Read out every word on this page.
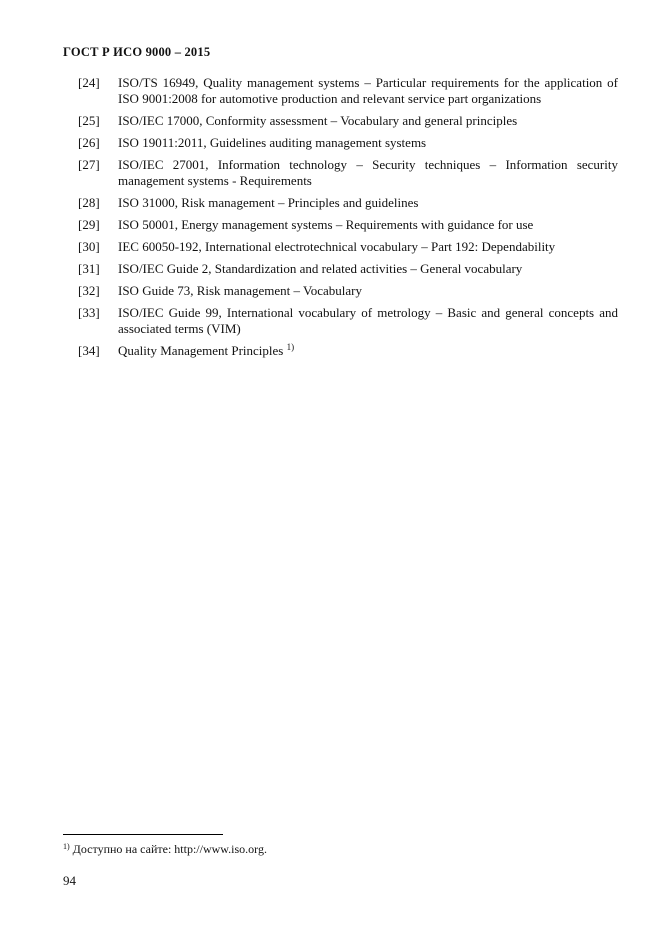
ГОСТ Р ИСО 9000 – 2015
[24]	ISO/TS 16949, Quality management systems – Particular requirements for the application of ISO 9001:2008 for automotive production and relevant service part organizations
[25]	ISO/IEC 17000, Conformity assessment – Vocabulary and general principles
[26]	ISO 19011:2011, Guidelines auditing management systems
[27]	ISO/IEC 27001, Information technology – Security techniques – Information security management systems - Requirements
[28]	ISO 31000, Risk management – Principles and guidelines
[29]	ISO 50001, Energy management systems – Requirements with guidance for use
[30]	IEC 60050-192, International electrotechnical vocabulary – Part 192: Dependability
[31]	ISO/IEC Guide 2, Standardization and related activities – General vocabulary
[32]	ISO Guide 73, Risk management – Vocabulary
[33]	ISO/IEC Guide 99, International vocabulary of metrology – Basic and general concepts and associated terms (VIM)
[34]	Quality Management Principles $^{1)}$
$^{1)}$ Доступно на сайте: http://www.iso.org.
94
